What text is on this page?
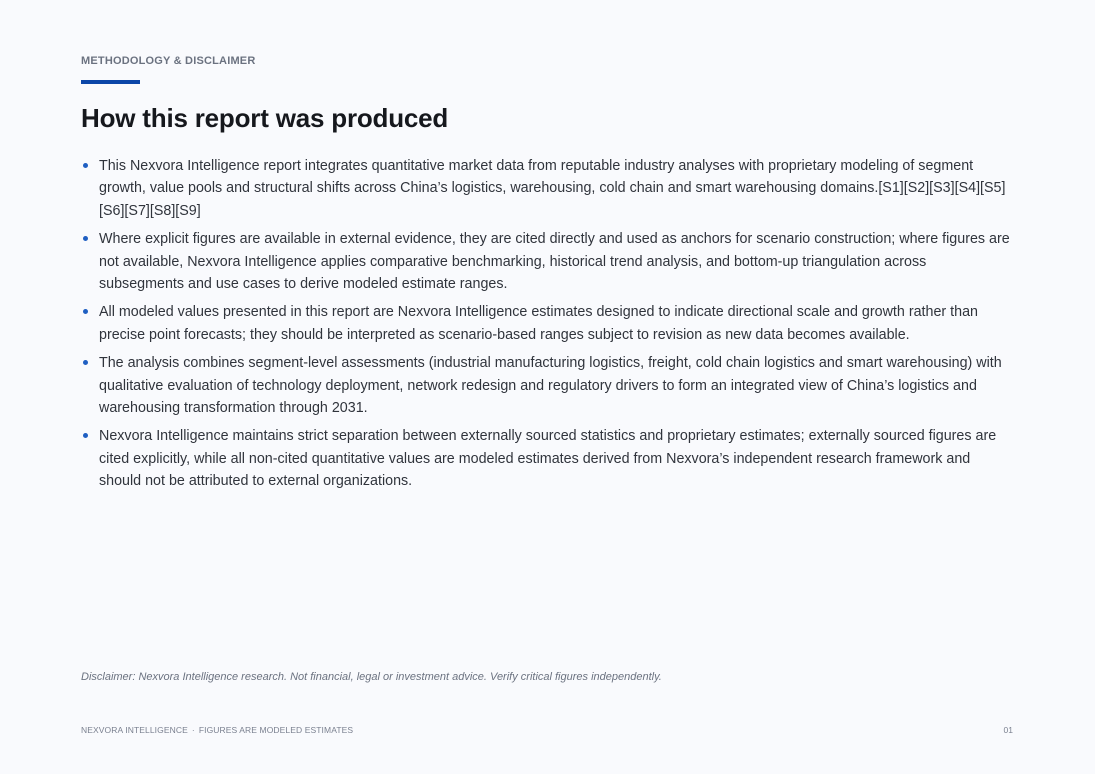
METHODOLOGY & DISCLAIMER
How this report was produced
This Nexvora Intelligence report integrates quantitative market data from reputable industry analyses with proprietary modeling of segment growth, value pools and structural shifts across China’s logistics, warehousing, cold chain and smart warehousing domains.[S1][S2][S3][S4][S5][S6][S7][S8][S9]
Where explicit figures are available in external evidence, they are cited directly and used as anchors for scenario construction; where figures are not available, Nexvora Intelligence applies comparative benchmarking, historical trend analysis, and bottom-up triangulation across subsegments and use cases to derive modeled estimate ranges.
All modeled values presented in this report are Nexvora Intelligence estimates designed to indicate directional scale and growth rather than precise point forecasts; they should be interpreted as scenario-based ranges subject to revision as new data becomes available.
The analysis combines segment-level assessments (industrial manufacturing logistics, freight, cold chain logistics and smart warehousing) with qualitative evaluation of technology deployment, network redesign and regulatory drivers to form an integrated view of China’s logistics and warehousing transformation through 2031.
Nexvora Intelligence maintains strict separation between externally sourced statistics and proprietary estimates; externally sourced figures are cited explicitly, while all non-cited quantitative values are modeled estimates derived from Nexvora’s independent research framework and should not be attributed to external organizations.
Disclaimer: Nexvora Intelligence research. Not financial, legal or investment advice. Verify critical figures independently.
NEXVORA INTELLIGENCE · FIGURES ARE MODELED ESTIMATES	01
